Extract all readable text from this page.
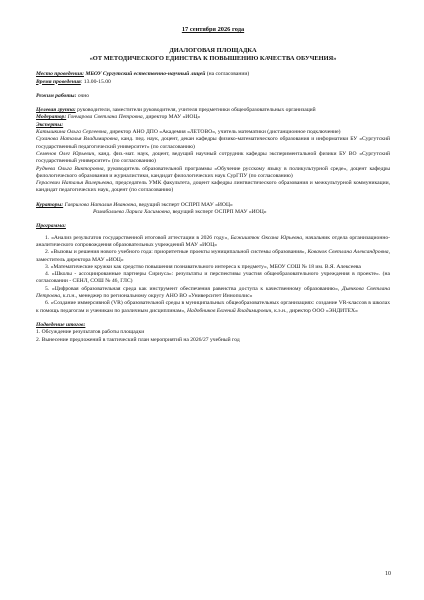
17 сентября 2026 года
ДИАЛОГОВАЯ ПЛОЩАДКА
«ОТ МЕТОДИЧЕСКОГО ЕДИНСТВА К ПОВЫШЕНИЮ КАЧЕСТВА ОБУЧЕНИЯ»

Место проведения: МБОУ Сургутский естественно-научный лицей (на согласовании)

Время проведения: 13.00-15.00

Режим работы: очно

Целевая группа: руководители, заместители руководителя, учителя предметники общеобразовательных организаций

Модератор: Гончарова Светлана Петровна, директор МАУ «ИОЦ»

Эксперты:

Катышкина Ольга Сергеевна, директор АНО ДПО «Академия «ЛЕТОВО», учитель математики (дистанционное подключение)

Суханова Наталья Владимировна, канд. пед. наук, доцент, декан кафедры физико-математического образования и информатики БУ «Сургутский государственный педагогический университет» (по согласованию)

Семенов Олег Юрьевич, канд. физ.-мат. наук, доцент, ведущий научный сотрудник кафедры экспериментальной физики БУ ВО «Сургутский государственный университет» (по согласованию)

Руднева Ольга Викторовна, руководитель образовательной программы «Обучение русскому языку в поликультурной среде», доцент кафедры филологического образования и журналистики, кандидат филологических наук СурГПУ (по согласованию)

Герасевич Наталья Валерьевна, председатель УМК факультета, доцент кафедры лингвистического образования и межкультурной коммуникации, кандидат педагогических наук, доцент (по согласованию)

Кураторы: Гаврилова Наталия Ивановна, ведущий эксперт ОСПРП МАУ «ИОЦ»

Рамабалиева Лариса Хасимовна, ведущий эксперт ОСПРП МАУ «ИОЦ»

Программа:

1. «Анализ результатов государственной итоговой аттестации в 2026 году», Бажиштюк Оксана Юрьевна, начальник отдела организационно-аналитического сопровождения образовательных учреждений МАУ «ИОЦ»

2. «Вызовы и решения нового учебного года: приоритетные проекты муниципальной системы образования», Ковачок Светлана Александровна, заместитель директора МАУ «ИОЦ»

3. «Математические кружки как средство повышения познавательного интереса к предмету», МБОУ СОШ № 18 им. В.Я. Алексеева

4. «Школы - ассоциированные партнеры Сириуса»: результаты и перспективы участия общеобразовательного учреждения в проекте». (на согласовании - СЕНЛ, СОШ № 46, ГЛС)

5. «Цифровая образовательная среда как инструмент обеспечения равенства доступа к качественному образованию», Дьячкова Светлана Петровна, к.п.н., менеджер по региональному округу АНО ВО «Университет Иннополис»

6. «Создание иммерсивной (VR) образовательной среды в муниципальных общеобразовательных организациях: создание VR-классов в школах к помощь педагогам и ученикам по различным дисциплинам», Надобников Евгений Владимирович, к.э.н., директор ООО «ЭНДИТЕХ»

Подведение итогов:

1. Обсуждение результатов работы площадки

2. Вынесение предложений в тактический план мероприятий на 2026/27 учебный год

10
